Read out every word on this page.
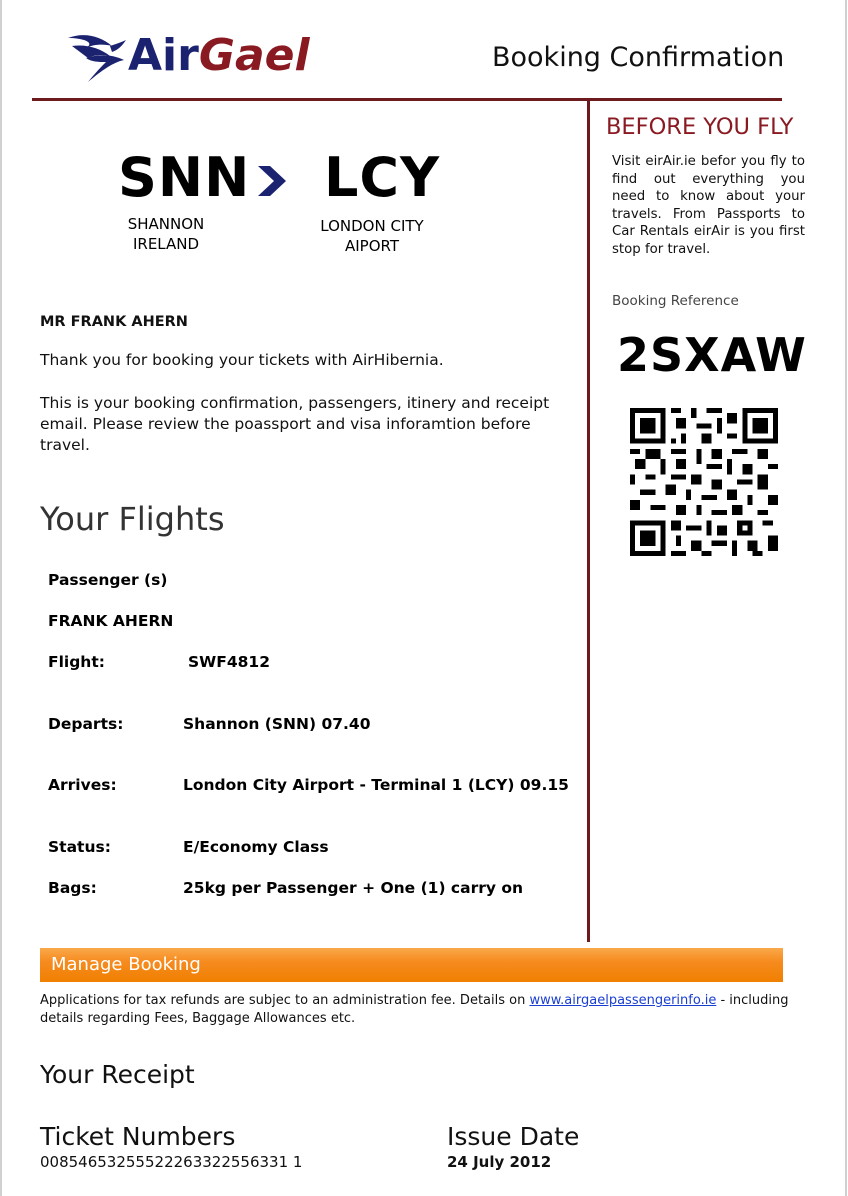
AirGael	Booking Confirmation
SNN LCY
SHANNON
IRELAND
LONDON CITY
AIPORT
MR FRANK AHERN
Thank you for booking your tickets with AirHibernia.
This is your booking confirmation, passengers, itinery and receipt email. Please review the poassport and visa inforamtion before travel.
Your Flights
Passenger (s)
FRANK AHERN
Flight:	SWF4812
Departs:	Shannon (SNN) 07.40
Arrives:	London City Airport - Terminal 1 (LCY) 09.15
Status:	E/Economy Class
Bags:	25kg per Passenger + One (1) carry on
BEFORE YOU FLY
Visit eirAir.ie befor you fly to find out everything you need to know about your travels. From Passports to Car Rentals eirAir is you first stop for travel.
Booking Reference
2SXAW
Manage Booking
Applications for tax refunds are subjec to an administration fee. Details on www.airgaelpassengerinfo.ie - including details regarding Fees, Baggage Allowances etc.
Your Receipt
Ticket Numbers
00854653255522263322556331 1
Issue Date
24 July 2012
